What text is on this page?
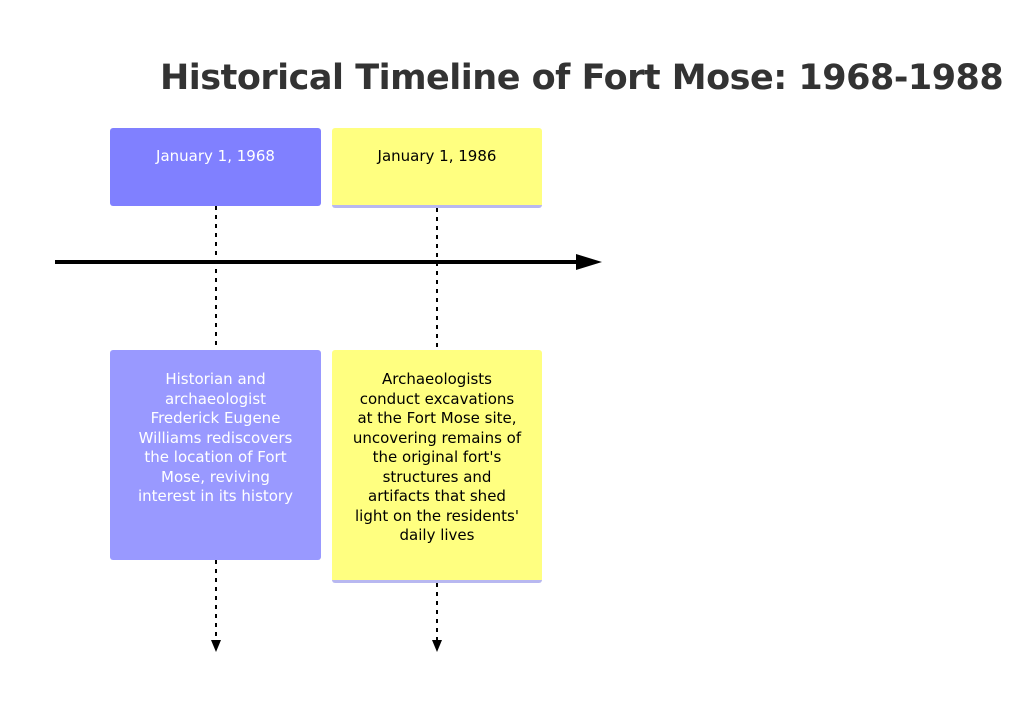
Historical Timeline of Fort Mose: 1968-1988
January 1, 1968
Historian and archaeologist Frederick Eugene Williams rediscovers the location of Fort Mose, reviving interest in its history
January 1, 1986
Archaeologists conduct excavations at the Fort Mose site, uncovering remains of the original fort's structures and artifacts that shed light on the residents' daily lives
